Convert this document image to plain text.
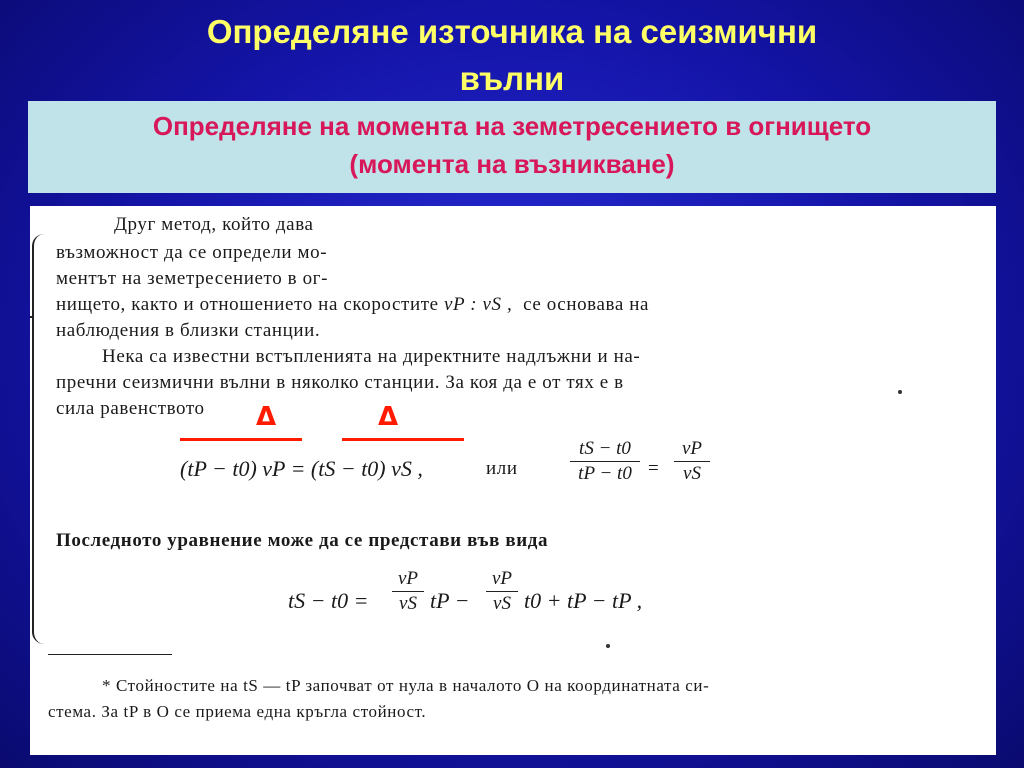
Определяне източника на сеизмични
вълни
Определяне на момента на земетресението в огнището
(момента на възникване)
Друг метод, който дава
възможност да се определи мо-
ментът на земетресението в ог-
нището, както и отношението на скоростите vP : vS , се основава на
наблюдения в близки станции.
Нека са известни встъпленията на директните надлъжни и на-
пречни сеизмични вълни в няколко станции. За коя да е от тях е в
сила равенството Δ	Δ
(tP − t0) vP = (tS − t0) vS ,	или
tS − t0
tP − t0 =
vP
vS
Последното уравнение може да се представи във вида
tS − t0 =
vP
vS tP −
vP
vS t0 + tP − tP ,
* Стойностите на tS — tP започват от нула в началото O на координатната си-
стема. За tP в O се приема една кръгла стойност.
